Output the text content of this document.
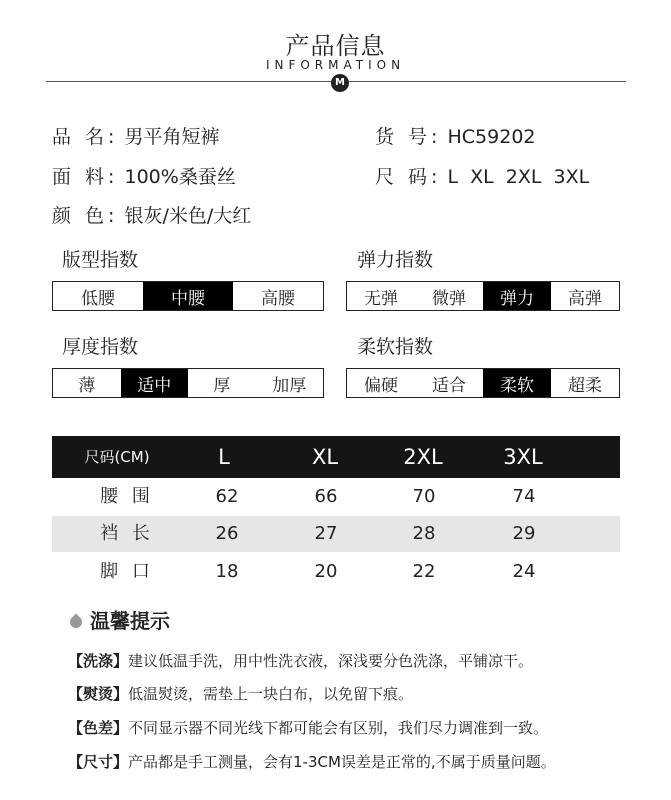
产品信息
INFORMATION
M
品 名: 男平角短裤
面 料: 100%桑蚕丝
颜 色: 银灰/米色/大红
货 号: HC59202
尺 码: L XL 2XL 3XL
版型指数
低腰	中腰	高腰
弹力指数
无弹	微弹	弹力	高弹
厚度指数
薄	适中	厚	加厚
柔软指数
偏硬	适合	柔软	超柔
尺码(CM)	L	XL	2XL	3XL
腰 围	62	66	70	74
裆 长	26	27	28	29
脚 口	18	20	22	24
温馨提示
【洗涤】建议低温手洗，用中性洗衣液，深浅要分色洗涤，平铺凉干。
【熨烫】低温熨烫，需垫上一块白布，以免留下痕。
【色差】不同显示器不同光线下都可能会有区别，我们尽力调准到一致。
【尺寸】产品都是手工测量，会有1-3CM误差是正常的,不属于质量问题。
